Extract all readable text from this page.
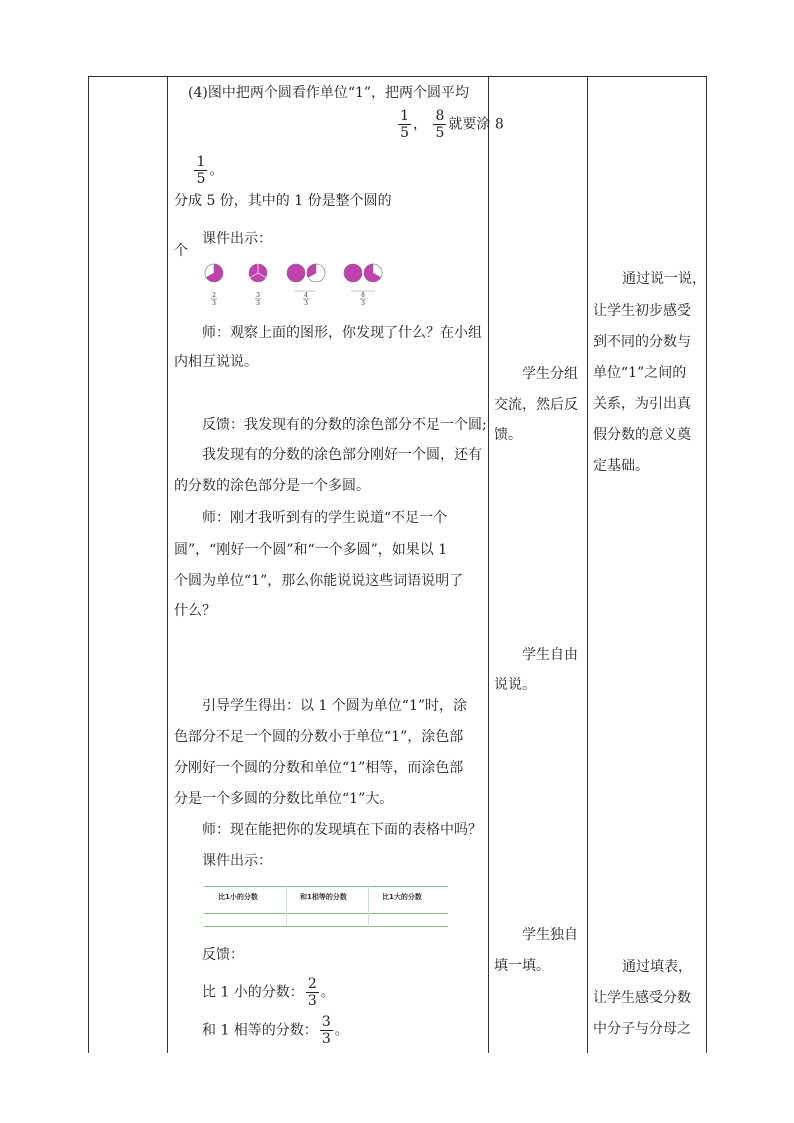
(4)图中把两个圆看作单位“1”，把两个圆平均

分成 5 份，其中的 1 份是整个圆的

个

$\frac{1}{5}$ ， $\frac{8}{5}$ 就要涂 8
$\frac{1}{5}$ 。

课件出示：

2
3
3
3
4
3
8
3

师：观察上面的图形，你发现了什么？在小组

内相互说说。

反馈：我发现有的分数的涂色部分不足一个圆;

我发现有的分数的涂色部分刚好一个圆，还有

的分数的涂色部分是一个多圆。

师：刚才我听到有的学生说道“不足一个

圆”，“刚好一个圆”和“一个多圆”，如果以 1

个圆为单位“1”，那么你能说说这些词语说明了

什么？

引导学生得出：以 1 个圆为单位“1”时，涂

色部分不足一个圆的分数小于单位“1”，涂色部

分刚好一个圆的分数和单位“1”相等，而涂色部

分是一个多圆的分数比单位“1”大。

师：现在能把你的发现填在下面的表格中吗？

课件出示：

比1小的分数	和1相等的分数	比1大的分数

反馈：

比 1 小的分数： $\frac{2}{3}$ 。
和 1 相等的分数： $\frac{3}{3}$ 。

学生分组

交流，然后反

馈。

学生自由

说说。

学生独自

填一填。

通过说一说，

让学生初步感受

到不同的分数与

单位“1”之间的

关系，为引出真

假分数的意义奠

定基础。

通过填表，

让学生感受分数

中分子与分母之
